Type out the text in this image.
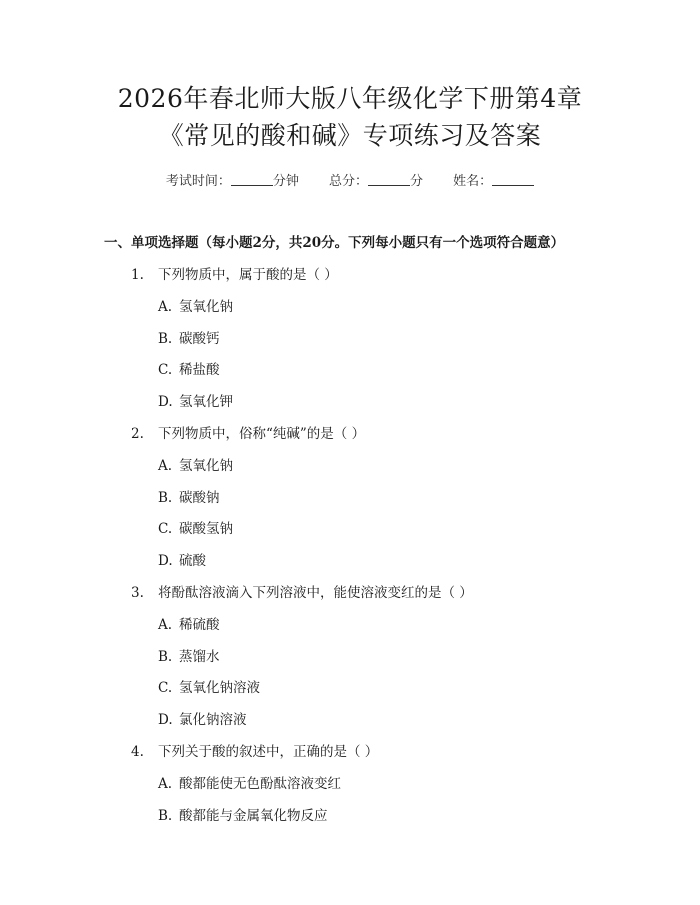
2026年春北师大版八年级化学下册第4章
《常见的酸和碱》专项练习及答案
考试时间：	分钟 总分：	分 姓名：
一、单项选择题（每小题2分，共20分。下列每小题只有一个选项符合题意）
1. 下列物质中，属于酸的是（ ）
A. 氢氧化钠
B. 碳酸钙
C. 稀盐酸
D. 氢氧化钾
2. 下列物质中，俗称“纯碱”的是（ ）
A. 氢氧化钠
B. 碳酸钠
C. 碳酸氢钠
D. 硫酸
3. 将酚酞溶液滴入下列溶液中，能使溶液变红的是（ ）
A. 稀硫酸
B. 蒸馏水
C. 氢氧化钠溶液
D. 氯化钠溶液
4. 下列关于酸的叙述中，正确的是（ ）
A. 酸都能使无色酚酞溶液变红
B. 酸都能与金属氧化物反应
